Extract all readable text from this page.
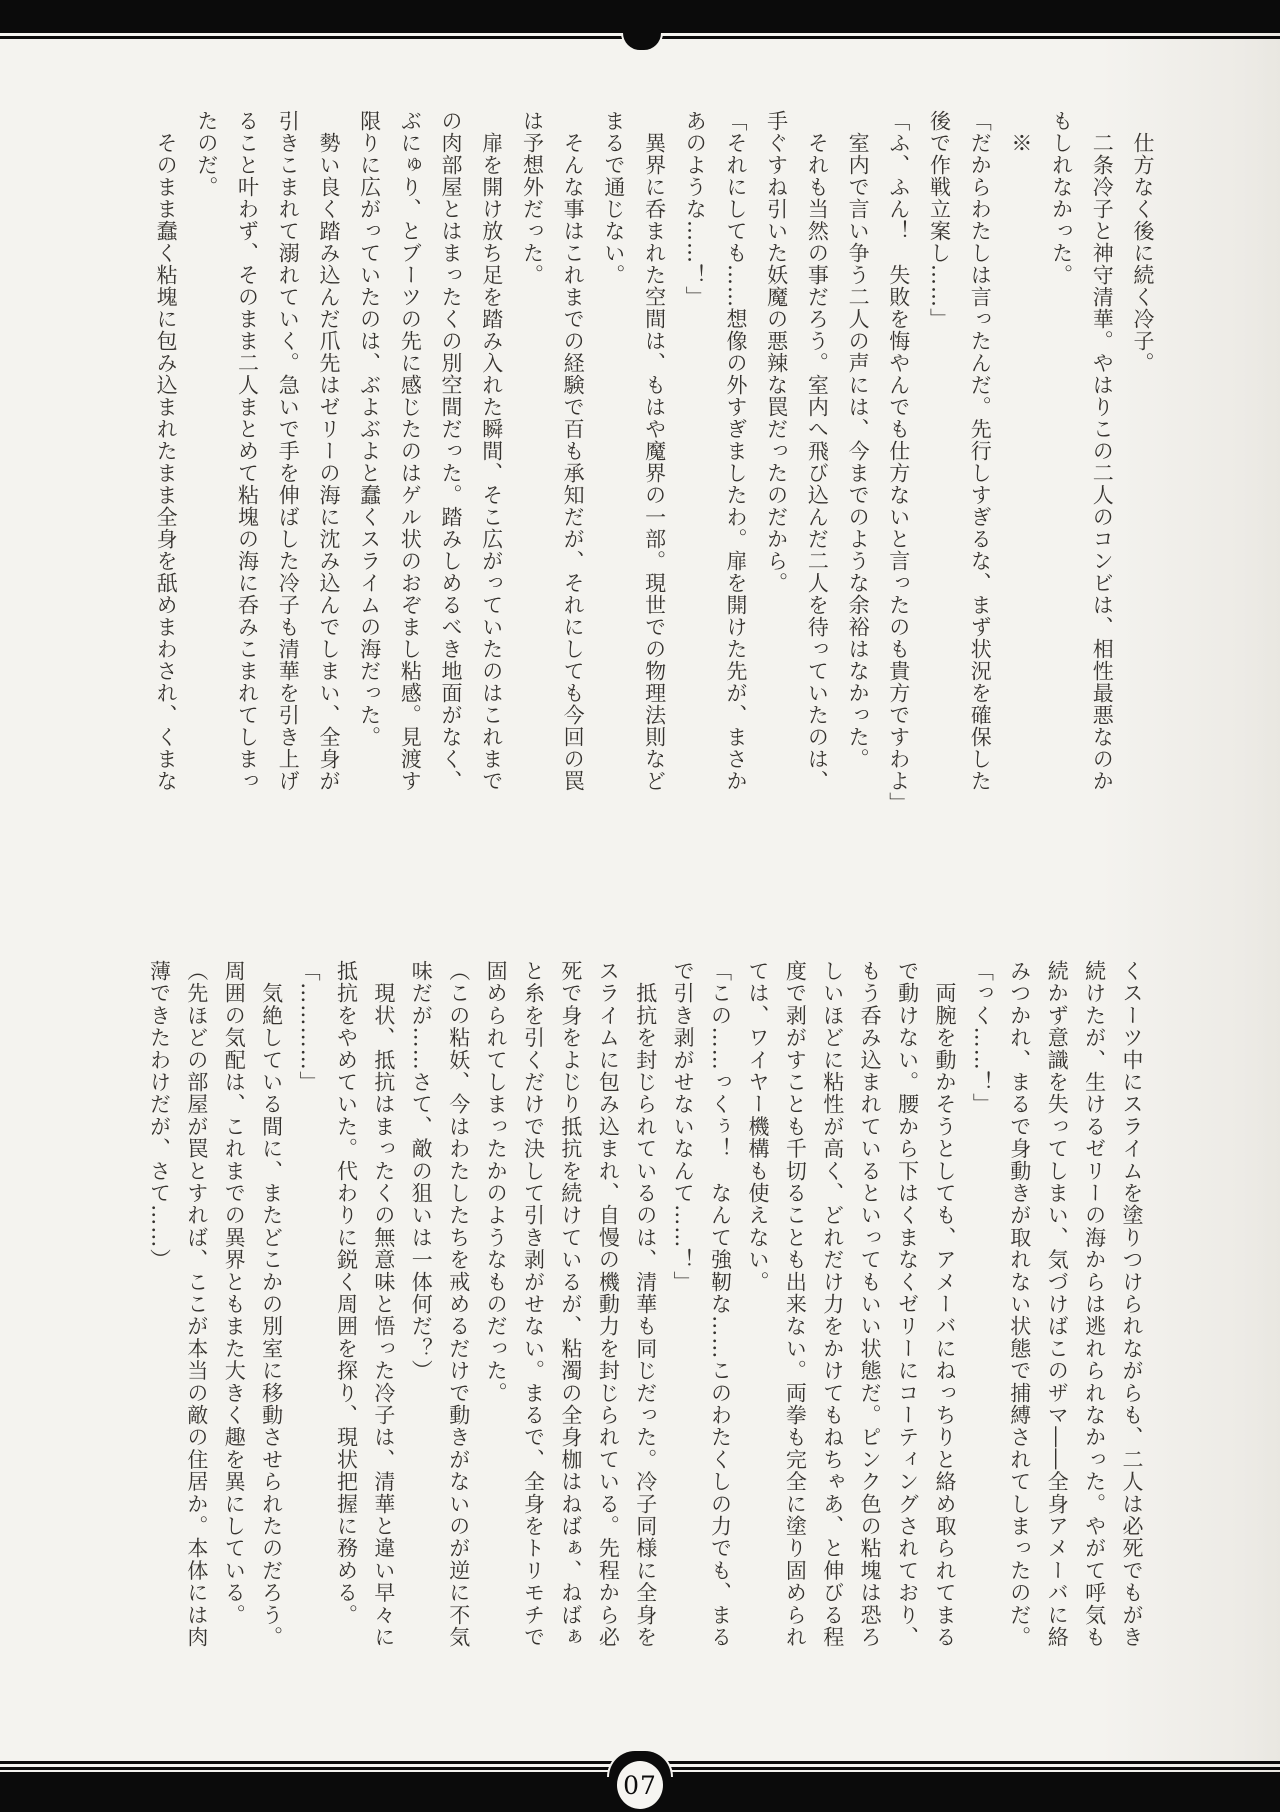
　仕方なく後に続く冷子。

　二条冷子と神守清華。やはりこの二人のコンビは、相性最悪なのか

もしれなかった。

　※

「だからわたしは言ったんだ。先行しすぎるな、まず状況を確保した

後で作戦立案し……」

「ふ、ふん！　失敗を悔やんでも仕方ないと言ったのも貴方ですわよ」

　室内で言い争う二人の声には、今までのような余裕はなかった。

　それも当然の事だろう。室内へ飛び込んだ二人を待っていたのは、

手ぐすね引いた妖魔の悪辣な罠だったのだから。

「それにしても……想像の外すぎましたわ。扉を開けた先が、まさか

あのような……！」

　異界に呑まれた空間は、もはや魔界の一部。現世での物理法則など

まるで通じない。

　そんな事はこれまでの経験で百も承知だが、それにしても今回の罠

は予想外だった。

　扉を開け放ち足を踏み入れた瞬間、そこ広がっていたのはこれまで

の肉部屋とはまったくの別空間だった。踏みしめるべき地面がなく、

ぶにゅり、とブーツの先に感じたのはゲル状のおぞまし粘感。見渡す

限りに広がっていたのは、ぶよぶよと蠢くスライムの海だった。

　勢い良く踏み込んだ爪先はゼリーの海に沈み込んでしまい、全身が

引きこまれて溺れていく。急いで手を伸ばした冷子も清華を引き上げ

ること叶わず、そのまま二人まとめて粘塊の海に呑みこまれてしまっ

たのだ。

　そのまま蠢く粘塊に包み込まれたまま全身を舐めまわされ、くまな

くスーツ中にスライムを塗りつけられながらも、二人は必死でもがき

続けたが、生けるゼリーの海からは逃れられなかった。やがて呼気も

続かず意識を失ってしまい、気づけばこのザマ――全身アメーバに絡

みつかれ、まるで身動きが取れない状態で捕縛されてしまったのだ。

「っく……！」

　両腕を動かそうとしても、アメーバにねっちりと絡め取られてまる

で動けない。腰から下はくまなくゼリーにコーティングされており、

もう呑み込まれているといってもいい状態だ。ピンク色の粘塊は恐ろ

しいほどに粘性が高く、どれだけ力をかけてもねちゃあ、と伸びる程

度で剥がすことも千切ることも出来ない。両拳も完全に塗り固められ

ては、ワイヤー機構も使えない。

「この……っくぅ！　なんて強靭な……このわたくしの力でも、まる

で引き剥がせないなんて……！」

　抵抗を封じられているのは、清華も同じだった。冷子同様に全身を

スライムに包み込まれ、自慢の機動力を封じられている。先程から必

死で身をよじり抵抗を続けているが、粘濁の全身枷はねばぁ、ねばぁ

と糸を引くだけで決して引き剥がせない。まるで、全身をトリモチで

固められてしまったかのようなものだった。

（この粘妖、今はわたしたちを戒めるだけで動きがないのが逆に不気

味だが……さて、敵の狙いは一体何だ？）

　現状、抵抗はまったくの無意味と悟った冷子は、清華と違い早々に

抵抗をやめていた。代わりに鋭く周囲を探り、現状把握に務める。

「…………」

　気絶している間に、またどこかの別室に移動させられたのだろう。

周囲の気配は、これまでの異界ともまた大きく趣を異にしている。

（先ほどの部屋が罠とすれば、ここが本当の敵の住居か。本体には肉

薄できたわけだが、さて……）

07
